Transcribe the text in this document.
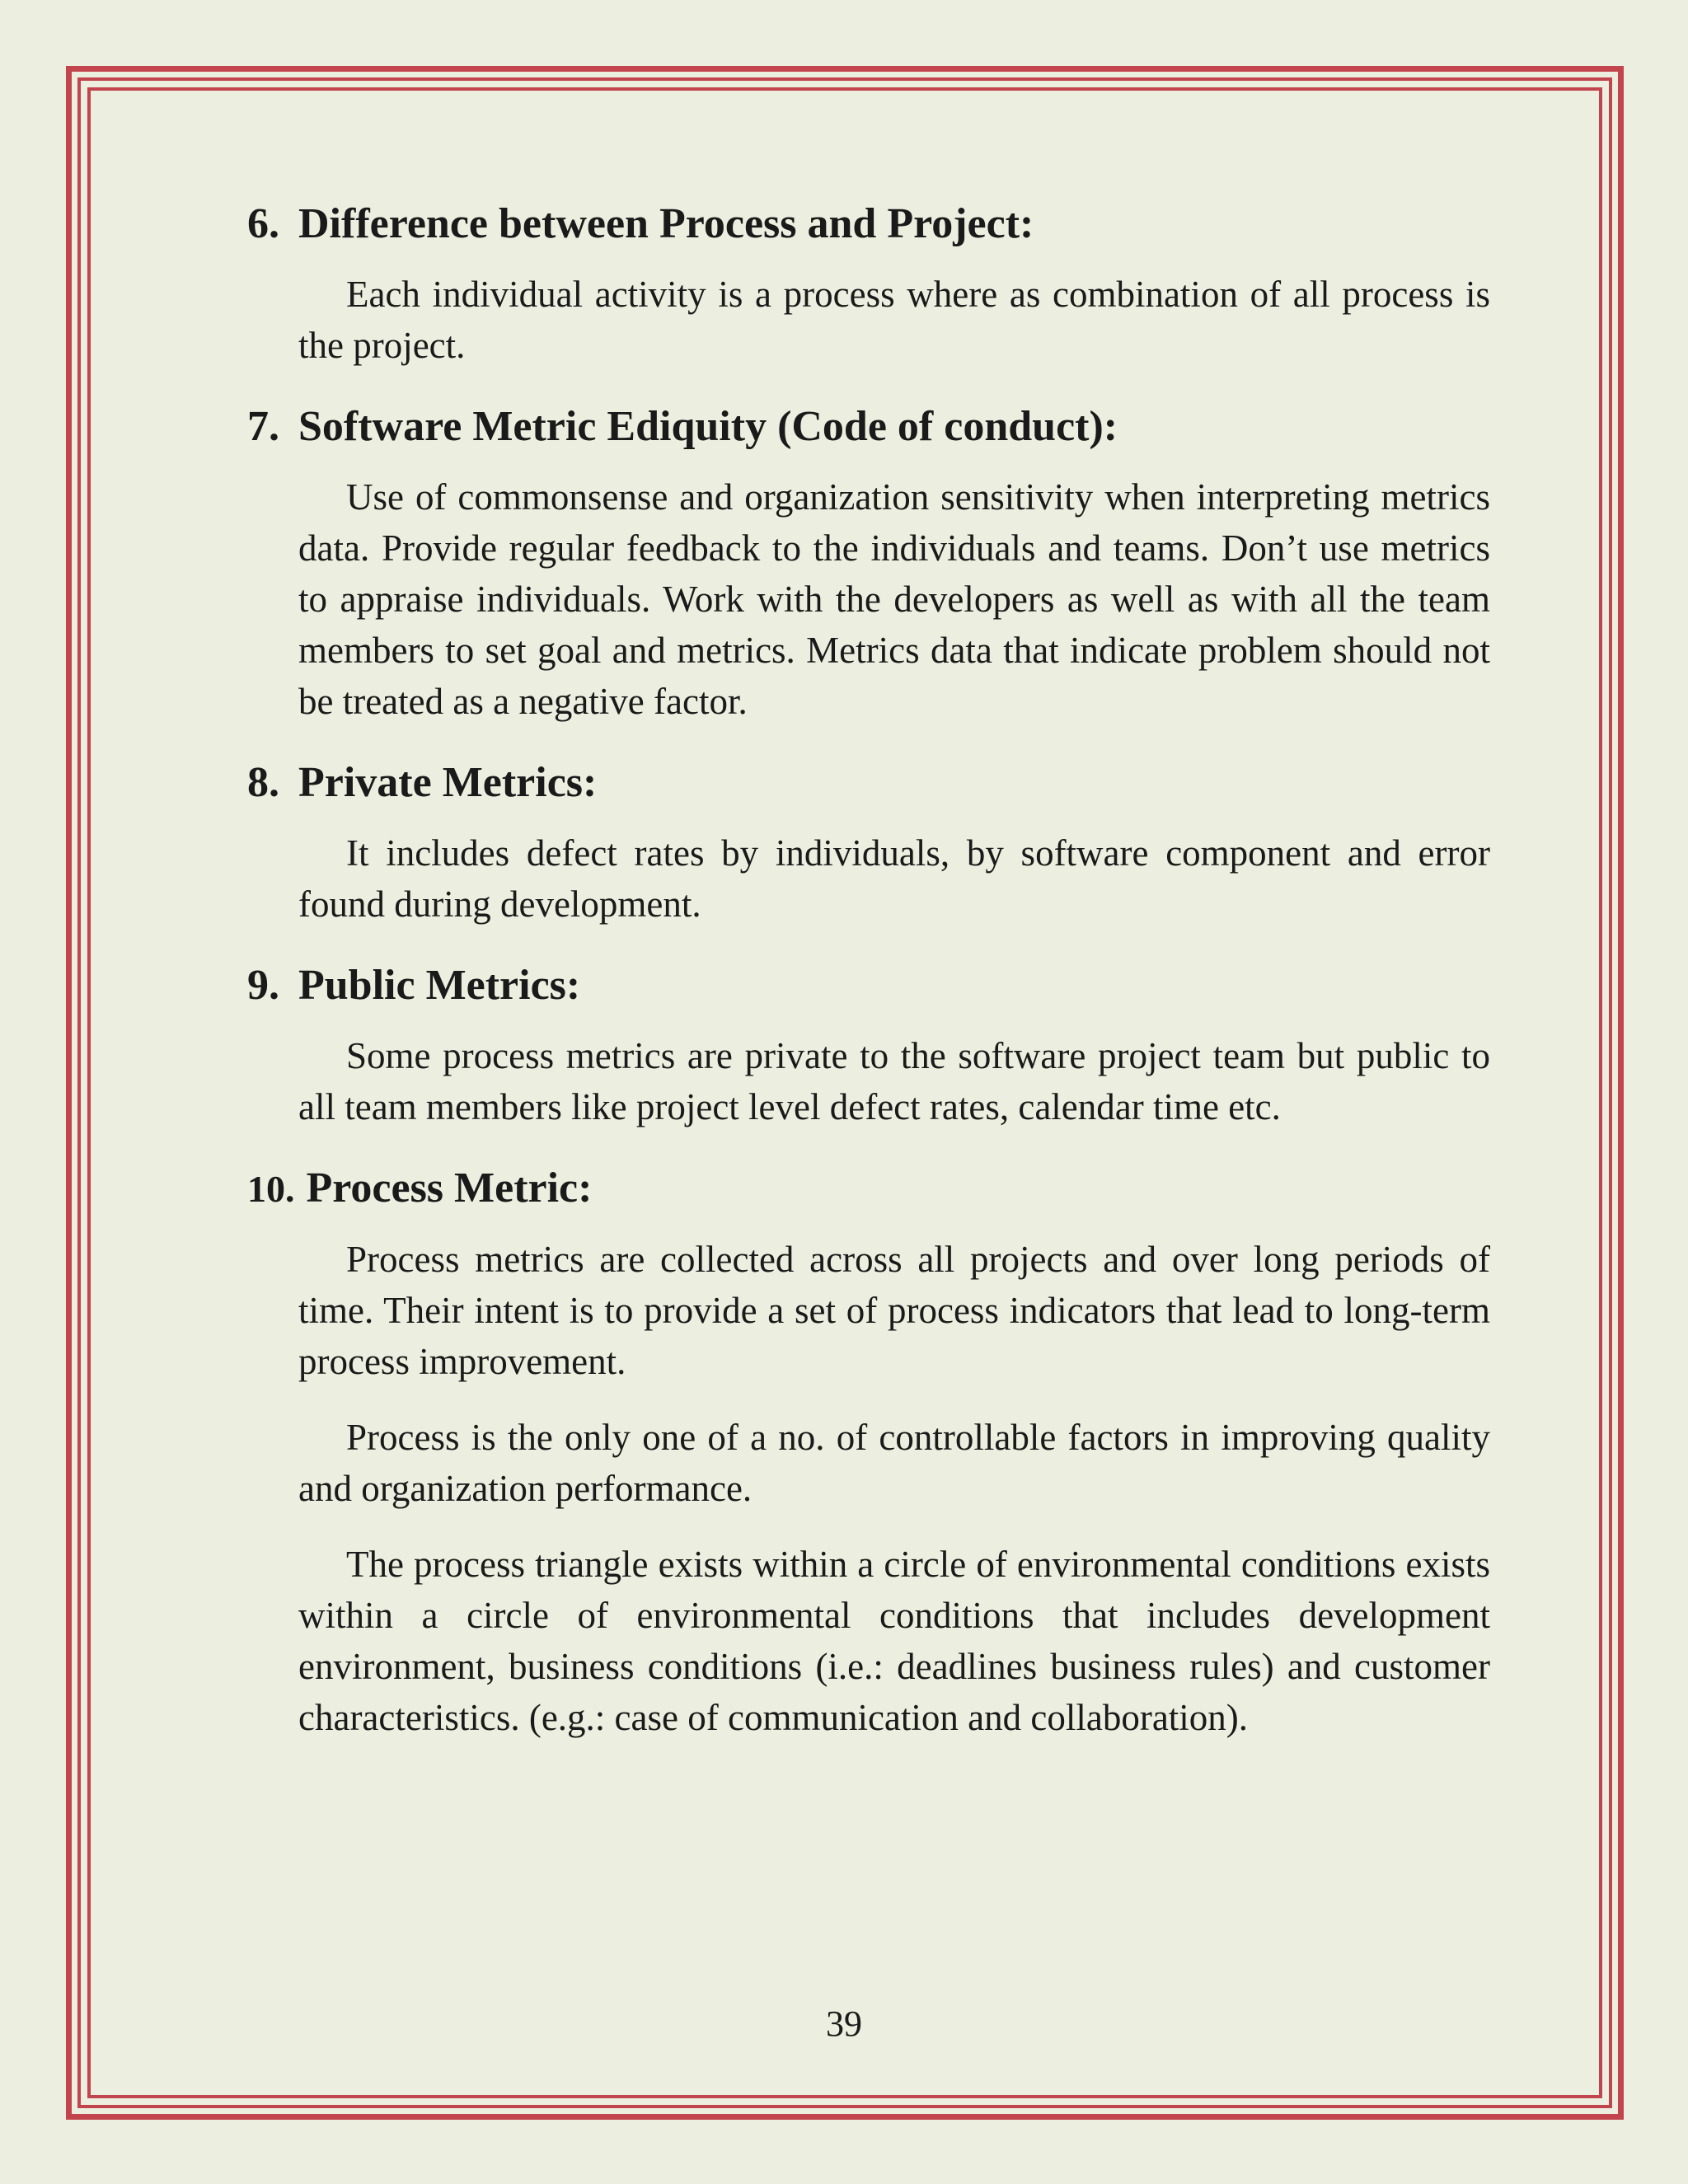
6. Difference between Process and Project:

Each individual activity is a process where as combination of all process is the project.

7. Software Metric Ediquity (Code of conduct):

Use of commonsense and organization sensitivity when interpreting metrics data. Provide regular feedback to the individuals and teams. Don’t use metrics to appraise individuals. Work with the developers as well as with all the team members to set goal and metrics. Metrics data that indicate problem should not be treated as a negative factor.

8. Private Metrics:

It includes defect rates by individuals, by software component and error found during development.

9. Public Metrics:

Some process metrics are private to the software project team but public to all team members like project level defect rates, calendar time etc.

10. Process Metric:

Process metrics are collected across all projects and over long periods of time. Their intent is to provide a set of process indicators that lead to long-term process improvement.

Process is the only one of a no. of controllable factors in improving quality and organization performance.

The process triangle exists within a circle of environmental conditions exists within a circle of environmental conditions that includes development environment, business conditions (i.e.: deadlines business rules) and customer characteristics. (e.g.: case of communication and collaboration).

39
